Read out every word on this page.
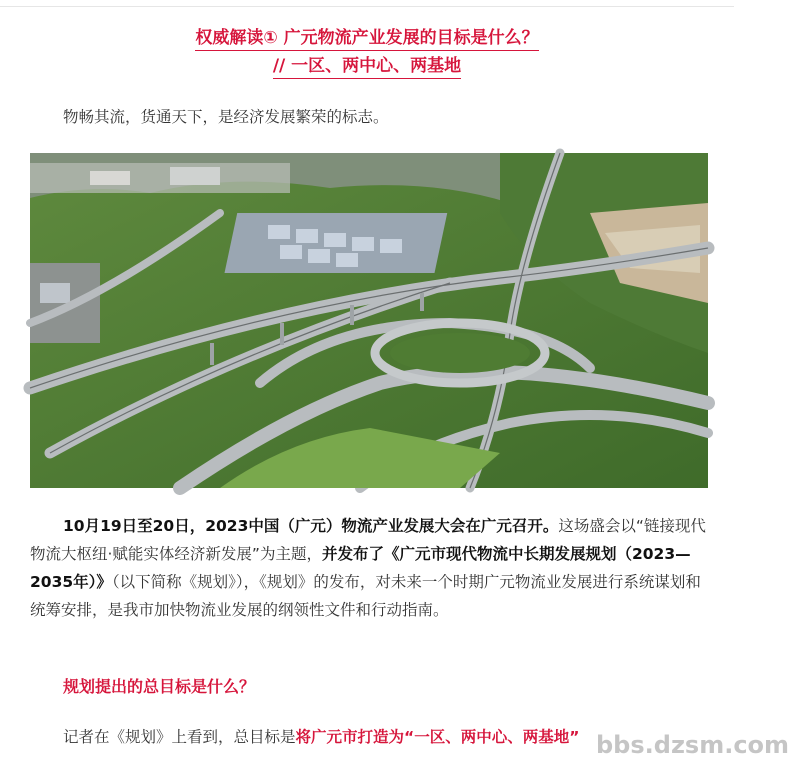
权威解读① 广元物流产业发展的目标是什么？
// 一区、两中心、两基地

物畅其流，货通天下，是经济发展繁荣的标志。

10月19日至20日，2023中国（广元）物流产业发展大会在广元召开。这场盛会以“链接现代物流大枢纽·赋能实体经济新发展”为主题，并发布了《广元市现代物流中长期发展规划（2023—2035年）》（以下简称《规划》），《规划》的发布，对未来一个时期广元物流业发展进行系统谋划和统筹安排，是我市加快物流业发展的纲领性文件和行动指南。

规划提出的总目标是什么？

记者在《规划》上看到，总目标是将广元市打造为“一区、两中心、两基地” bbs.dzsm.com
